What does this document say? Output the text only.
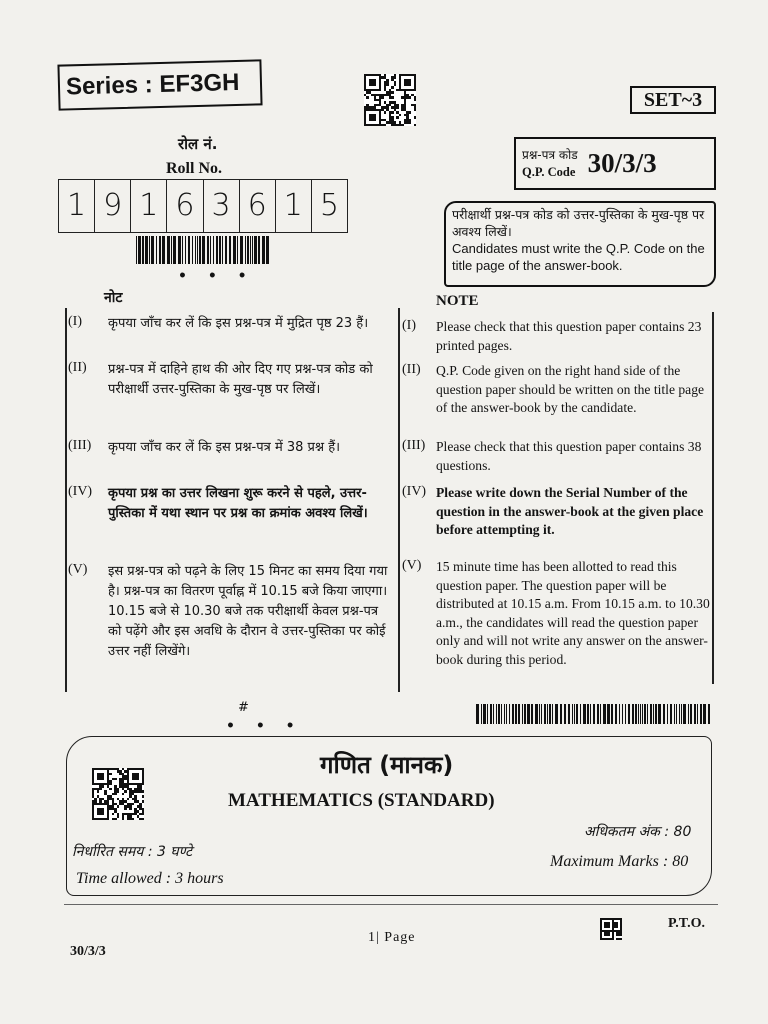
Series : EF3GH	SET~3
रोल नं.
Roll No.
1 9 1 6 3 6 1 5
• • •
प्रश्न-पत्र कोड
Q.P. Code 30/3/3
परीक्षार्थी प्रश्न-पत्र कोड को उत्तर-पुस्तिका के मुख-पृष्ठ पर अवश्य लिखें।
Candidates must write the Q.P. Code on the title page of the answer-book.
नोट	NOTE
(I) कृपया जाँच कर लें कि इस प्रश्न-पत्र में मुद्रित पृष्ठ 23 हैं।
(II) प्रश्न-पत्र में दाहिने हाथ की ओर दिए गए प्रश्न-पत्र कोड को परीक्षार्थी उत्तर-पुस्तिका के मुख-पृष्ठ पर लिखें।
(III) कृपया जाँच कर लें कि इस प्रश्न-पत्र में 38 प्रश्न हैं।
(IV) कृपया प्रश्न का उत्तर लिखना शुरू करने से पहले, उत्तर-पुस्तिका में यथा स्थान पर प्रश्न का क्रमांक अवश्य लिखें।
(V) इस प्रश्न-पत्र को पढ़ने के लिए 15 मिनट का समय दिया गया है। प्रश्न-पत्र का वितरण पूर्वाह्न में 10.15 बजे किया जाएगा। 10.15 बजे से 10.30 बजे तक परीक्षार्थी केवल प्रश्न-पत्र को पढ़ेंगे और इस अवधि के दौरान वे उत्तर-पुस्तिका पर कोई उत्तर नहीं लिखेंगे।
(I) Please check that this question paper contains 23 printed pages.
(II) Q.P. Code given on the right hand side of the question paper should be written on the title page of the answer-book by the candidate.
(III) Please check that this question paper contains 38 questions.
(IV) Please write down the Serial Number of the question in the answer-book at the given place before attempting it.
(V) 15 minute time has been allotted to read this question paper. The question paper will be distributed at 10.15 a.m. From 10.15 a.m. to 10.30 a.m., the candidates will read the question paper only and will not write any answer on the answer-book during this period.
#
• • •
गणित (मानक)
MATHEMATICS (STANDARD)
अधिकतम अंक : 80
निर्धारित समय : 3 घण्टे
Maximum Marks : 80
Time allowed : 3 hours
P.T.O.
1| Page
30/3/3
